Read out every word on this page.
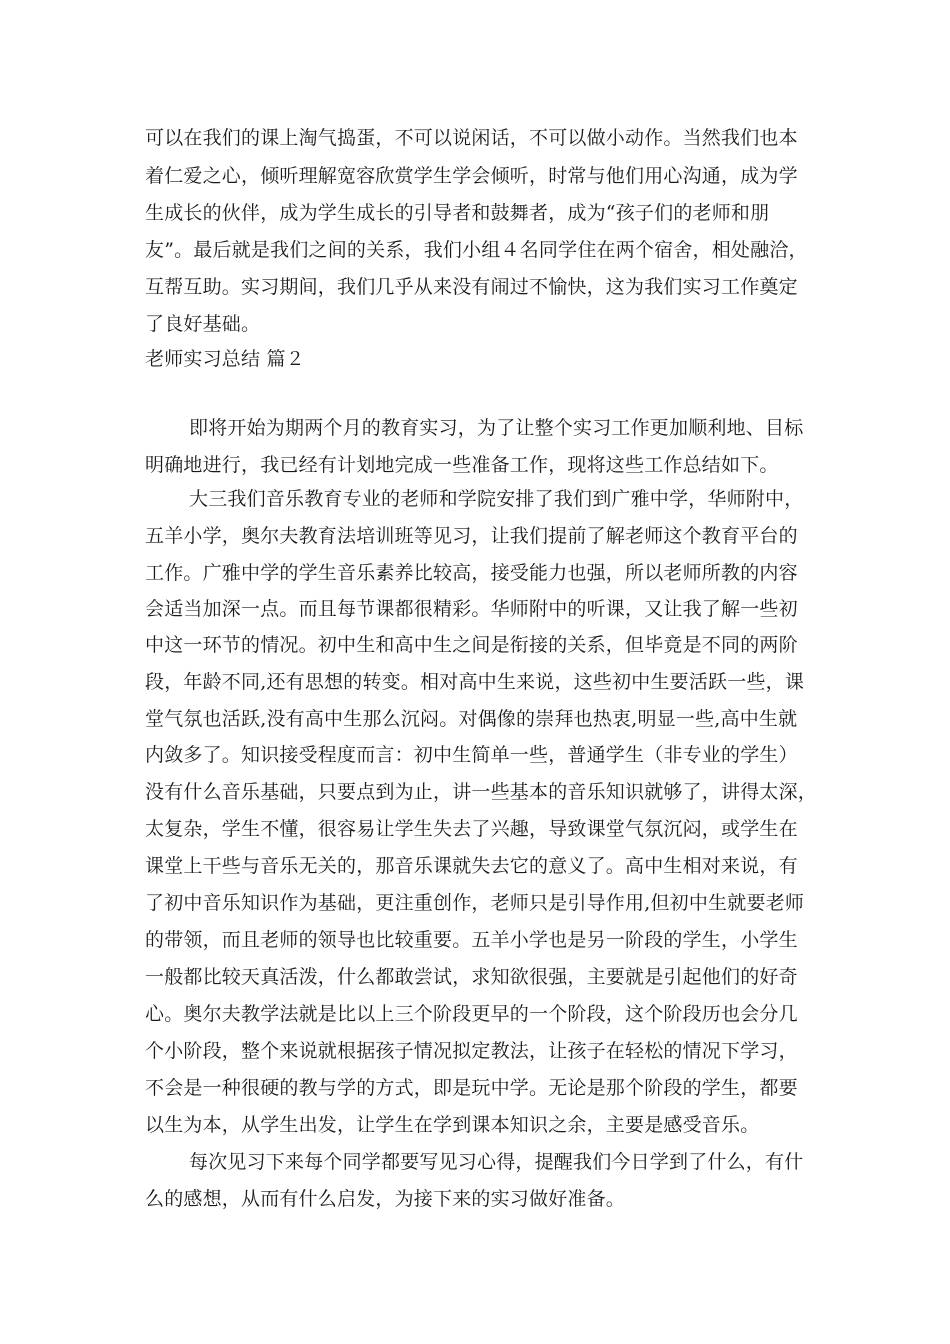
可以在我们的课上淘气捣蛋，不可以说闲话，不可以做小动作。当然我们也本
着仁爱之心，倾听理解宽容欣赏学生学会倾听，时常与他们用心沟通，成为学
生成长的伙伴，成为学生成长的引导者和鼓舞者，成为“孩子们的老师和朋
友”。最后就是我们之间的关系，我们小组４名同学住在两个宿舍，相处融洽，
互帮互助。实习期间，我们几乎从来没有闹过不愉快，这为我们实习工作奠定
了良好基础。
老师实习总结 篇２
即将开始为期两个月的教育实习，为了让整个实习工作更加顺利地、目标
明确地进行，我已经有计划地完成一些准备工作，现将这些工作总结如下。
大三我们音乐教育专业的老师和学院安排了我们到广雅中学，华师附中，
五羊小学，奥尔夫教育法培训班等见习，让我们提前了解老师这个教育平台的
工作。广雅中学的学生音乐素养比较高，接受能力也强，所以老师所教的内容
会适当加深一点。而且每节课都很精彩。华师附中的听课，又让我了解一些初
中这一环节的情况。初中生和高中生之间是衔接的关系，但毕竟是不同的两阶
段，年龄不同,还有思想的转变。相对高中生来说，这些初中生要活跃一些，课
堂气氛也活跃,没有高中生那么沉闷。对偶像的崇拜也热衷,明显一些,高中生就
内敛多了。知识接受程度而言：初中生简单一些，普通学生（非专业的学生）
没有什么音乐基础，只要点到为止，讲一些基本的音乐知识就够了，讲得太深，
太复杂，学生不懂，很容易让学生失去了兴趣，导致课堂气氛沉闷，或学生在
课堂上干些与音乐无关的，那音乐课就失去它的意义了。高中生相对来说，有
了初中音乐知识作为基础，更注重创作，老师只是引导作用,但初中生就要老师
的带领，而且老师的领导也比较重要。五羊小学也是另一阶段的学生，小学生
一般都比较天真活泼，什么都敢尝试，求知欲很强，主要就是引起他们的好奇
心。奥尔夫教学法就是比以上三个阶段更早的一个阶段，这个阶段历也会分几
个小阶段，整个来说就根据孩子情况拟定教法，让孩子在轻松的情况下学习，
不会是一种很硬的教与学的方式，即是玩中学。无论是那个阶段的学生，都要
以生为本，从学生出发，让学生在学到课本知识之余，主要是感受音乐。
每次见习下来每个同学都要写见习心得，提醒我们今日学到了什么，有什
么的感想，从而有什么启发，为接下来的实习做好准备。
